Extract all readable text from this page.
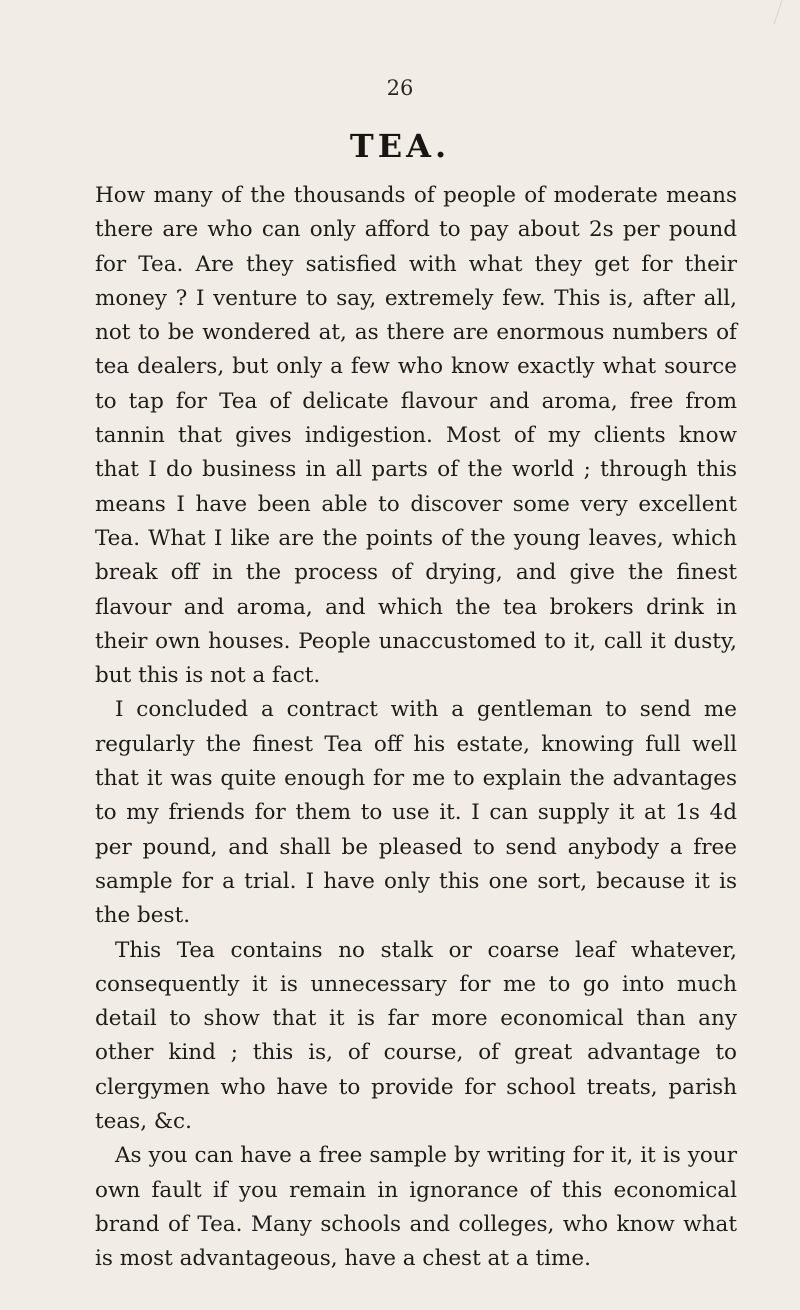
26
TEA.

How many of the thousands of people of moderate means there are who can only afford to pay about 2s per pound for Tea. Are they satisfied with what they get for their money ? I venture to say, extremely few. This is, after all, not to be wondered at, as there are enormous numbers of tea dealers, but only a few who know exactly what source to tap for Tea of delicate flavour and aroma, free from tannin that gives indigestion. Most of my clients know that I do business in all parts of the world ; through this means I have been able to discover some very excellent Tea. What I like are the points of the young leaves, which break off in the process of drying, and give the finest flavour and aroma, and which the tea brokers drink in their own houses. People unaccustomed to it, call it dusty, but this is not a fact.

I concluded a contract with a gentleman to send me regularly the finest Tea off his estate, knowing full well that it was quite enough for me to explain the advantages to my friends for them to use it. I can supply it at 1s 4d per pound, and shall be pleased to send anybody a free sample for a trial. I have only this one sort, because it is the best.

This Tea contains no stalk or coarse leaf whatever, consequently it is unnecessary for me to go into much detail to show that it is far more economical than any other kind ; this is, of course, of great advantage to clergymen who have to provide for school treats, parish teas, &c.

As you can have a free sample by writing for it, it is your own fault if you remain in ignorance of this economical brand of Tea. Many schools and colleges, who know what is most advantageous, have a chest at a time.
